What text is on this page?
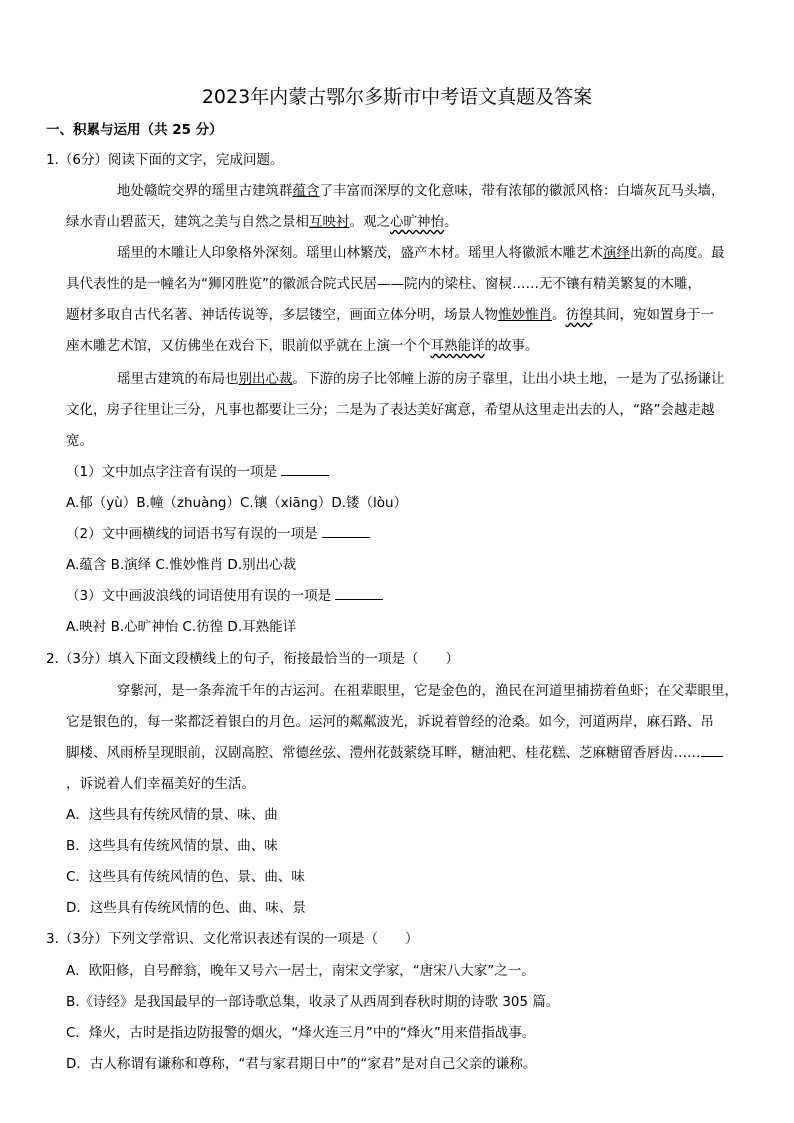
2023年内蒙古鄂尔多斯市中考语文真题及答案
一、积累与运用（共 25 分）
1.（6分）阅读下面的文字，完成问题。
地处赣皖交界的瑶里古建筑群蕴含了丰富而深厚的文化意味，带有浓郁的徽派风格：白墙灰瓦马头墙，
绿水青山碧蓝天，建筑之美与自然之景相互映衬。观之心旷神怡。
瑶里的木雕让人印象格外深刻。瑶里山林繁茂，盛产木材。瑶里人将徽派木雕艺术演绎出新的高度。最
具代表性的是一幢名为“狮冈胜览”的徽派合院式民居——院内的梁柱、窗棂……无不镶有精美繁复的木雕，
题材多取自古代名著、神话传说等，多层镂空，画面立体分明，场景人物惟妙惟肖。彷徨其间，宛如置身于一
座木雕艺术馆，又仿佛坐在戏台下，眼前似乎就在上演一个个耳熟能详的故事。
瑶里古建筑的布局也别出心裁。下游的房子比邻幢上游的房子靠里，让出小块土地，一是为了弘扬谦让
文化，房子往里让三分，凡事也都要让三分；二是为了表达美好寓意，希望从这里走出去的人，“路”会越走越
宽。
（1）文中加点字注音有误的一项是
A.郁（yù）B.幢（zhuàng）C.镶（xiāng）D.镂（lòu）
（2）文中画横线的词语书写有误的一项是
A.蕴含 B.演绎 C.惟妙惟肖 D.别出心裁
（3）文中画波浪线的词语使用有误的一项是
A.映衬 B.心旷神怡 C.彷徨 D.耳熟能详
2.（3分）填入下面文段横线上的句子，衔接最恰当的一项是（　　）
穿紫河，是一条奔流千年的古运河。在祖辈眼里，它是金色的，渔民在河道里捕捞着鱼虾；在父辈眼里，
它是银色的，每一桨都泛着银白的月色。运河的粼粼波光，诉说着曾经的沧桑。如今，河道两岸，麻石路、吊
脚楼、风雨桥呈现眼前，汉剧高腔、常德丝弦、澧州花鼓萦绕耳畔，糖油粑、桂花糕、芝麻糖留香唇齿……
，诉说着人们幸福美好的生活。
A．这些具有传统风情的景、味、曲
B．这些具有传统风情的景、曲、味
C．这些具有传统风情的色、景、曲、味
D．这些具有传统风情的色、曲、味、景
3.（3分）下列文学常识、文化常识表述有误的一项是（　　）
A．欧阳修，自号醉翁，晚年又号六一居士，南宋文学家，“唐宋八大家”之一。
B.《诗经》是我国最早的一部诗歌总集，收录了从西周到春秋时期的诗歌 305 篇。
C．烽火，古时是指边防报警的烟火，“烽火连三月”中的“烽火”用来借指战事。
D．古人称谓有谦称和尊称，“君与家君期日中”的“家君”是对自己父亲的谦称。
